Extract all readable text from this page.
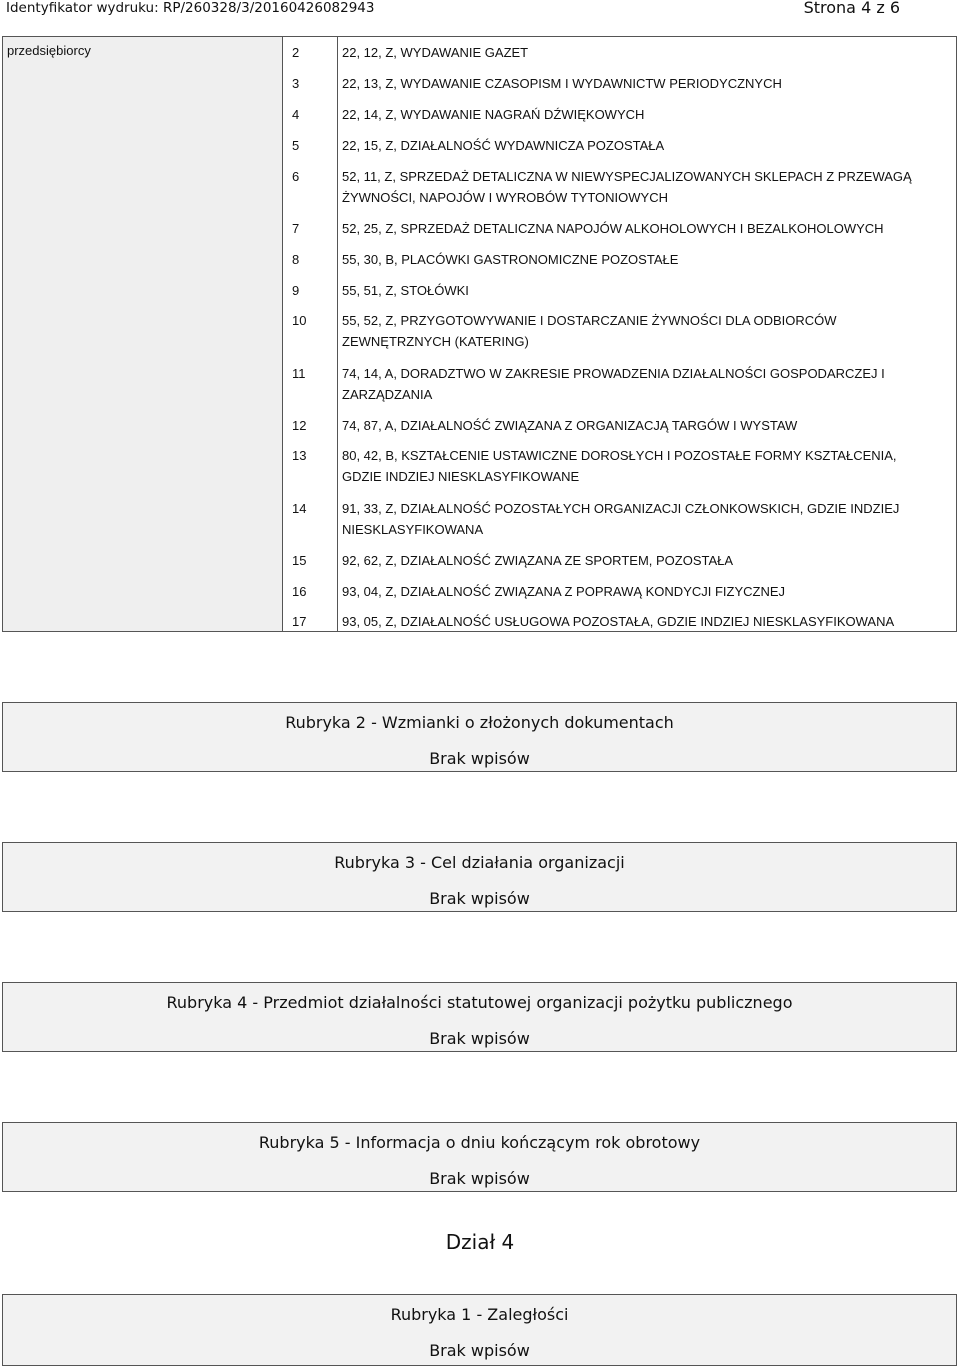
Identyfikator wydruku: RP/260328/3/20160426082943	Strona 4 z 6
przedsiębiorcy	2	22, 12, Z, WYDAWANIE GAZET
3	22, 13, Z, WYDAWANIE CZASOPISM I WYDAWNICTW PERIODYCZNYCH
4	22, 14, Z, WYDAWANIE NAGRAŃ DŹWIĘKOWYCH
5	22, 15, Z, DZIAŁALNOŚĆ WYDAWNICZA POZOSTAŁA
6	52, 11, Z, SPRZEDAŻ DETALICZNA W NIEWYSPECJALIZOWANYCH SKLEPACH Z PRZEWAGĄ
ŻYWNOŚCI, NAPOJÓW I WYROBÓW TYTONIOWYCH
7	52, 25, Z, SPRZEDAŻ DETALICZNA NAPOJÓW ALKOHOLOWYCH I BEZALKOHOLOWYCH
8	55, 30, B, PLACÓWKI GASTRONOMICZNE POZOSTAŁE
9	55, 51, Z, STOŁÓWKI
10	55, 52, Z, PRZYGOTOWYWANIE I DOSTARCZANIE ŻYWNOŚCI DLA ODBIORCÓW
ZEWNĘTRZNYCH (KATERING)
11	74, 14, A, DORADZTWO W ZAKRESIE PROWADZENIA DZIAŁALNOŚCI GOSPODARCZEJ I
ZARZĄDZANIA
12	74, 87, A, DZIAŁALNOŚĆ ZWIĄZANA Z ORGANIZACJĄ TARGÓW I WYSTAW
13	80, 42, B, KSZTAŁCENIE USTAWICZNE DOROSŁYCH I POZOSTAŁE FORMY KSZTAŁCENIA,
GDZIE INDZIEJ NIESKLASYFIKOWANE
14	91, 33, Z, DZIAŁALNOŚĆ POZOSTAŁYCH ORGANIZACJI CZŁONKOWSKICH, GDZIE INDZIEJ
NIESKLASYFIKOWANA
15	92, 62, Z, DZIAŁALNOŚĆ ZWIĄZANA ZE SPORTEM, POZOSTAŁA
16	93, 04, Z, DZIAŁALNOŚĆ ZWIĄZANA Z POPRAWĄ KONDYCJI FIZYCZNEJ
17	93, 05, Z, DZIAŁALNOŚĆ USŁUGOWA POZOSTAŁA, GDZIE INDZIEJ NIESKLASYFIKOWANA
Rubryka 2 - Wzmianki o złożonych dokumentach
Brak wpisów
Rubryka 3 - Cel działania organizacji
Brak wpisów
Rubryka 4 - Przedmiot działalności statutowej organizacji pożytku publicznego
Brak wpisów
Rubryka 5 - Informacja o dniu kończącym rok obrotowy
Brak wpisów
Dział 4
Rubryka 1 - Zaległości
Brak wpisów
